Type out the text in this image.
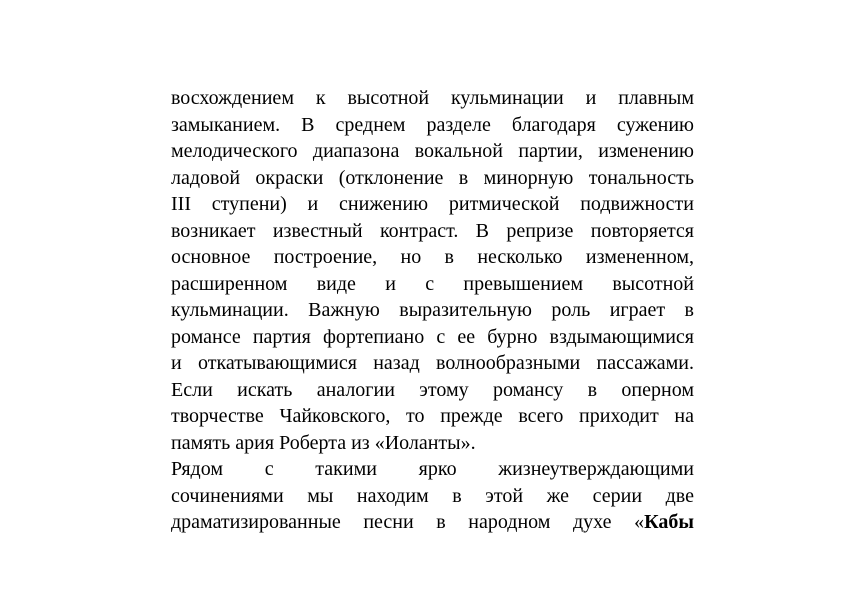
восхождением к высотной кульминации и плавным
замыканием. В среднем разделе благодаря сужению
мелодического диапазона вокальной партии, изменению
ладовой окраски (отклонение в минорную тональность
III ступени) и снижению ритмической подвижности
возникает известный контраст. В репризе повторяется
основное построение, но в несколько измененном,
расширенном виде и с превышением высотной
кульминации. Важную выразительную роль играет в
романсе партия фортепиано с ее бурно вздымающимися
и откатывающимися назад волнообразными пассажами.
Если искать аналогии этому романсу в оперном
творчестве Чайковского, то прежде всего приходит на
память ария Роберта из «Иоланты».
Рядом с такими ярко жизнеутверждающими
сочинениями мы находим в этой же серии две
драматизированные песни в народном духе «Кабы
